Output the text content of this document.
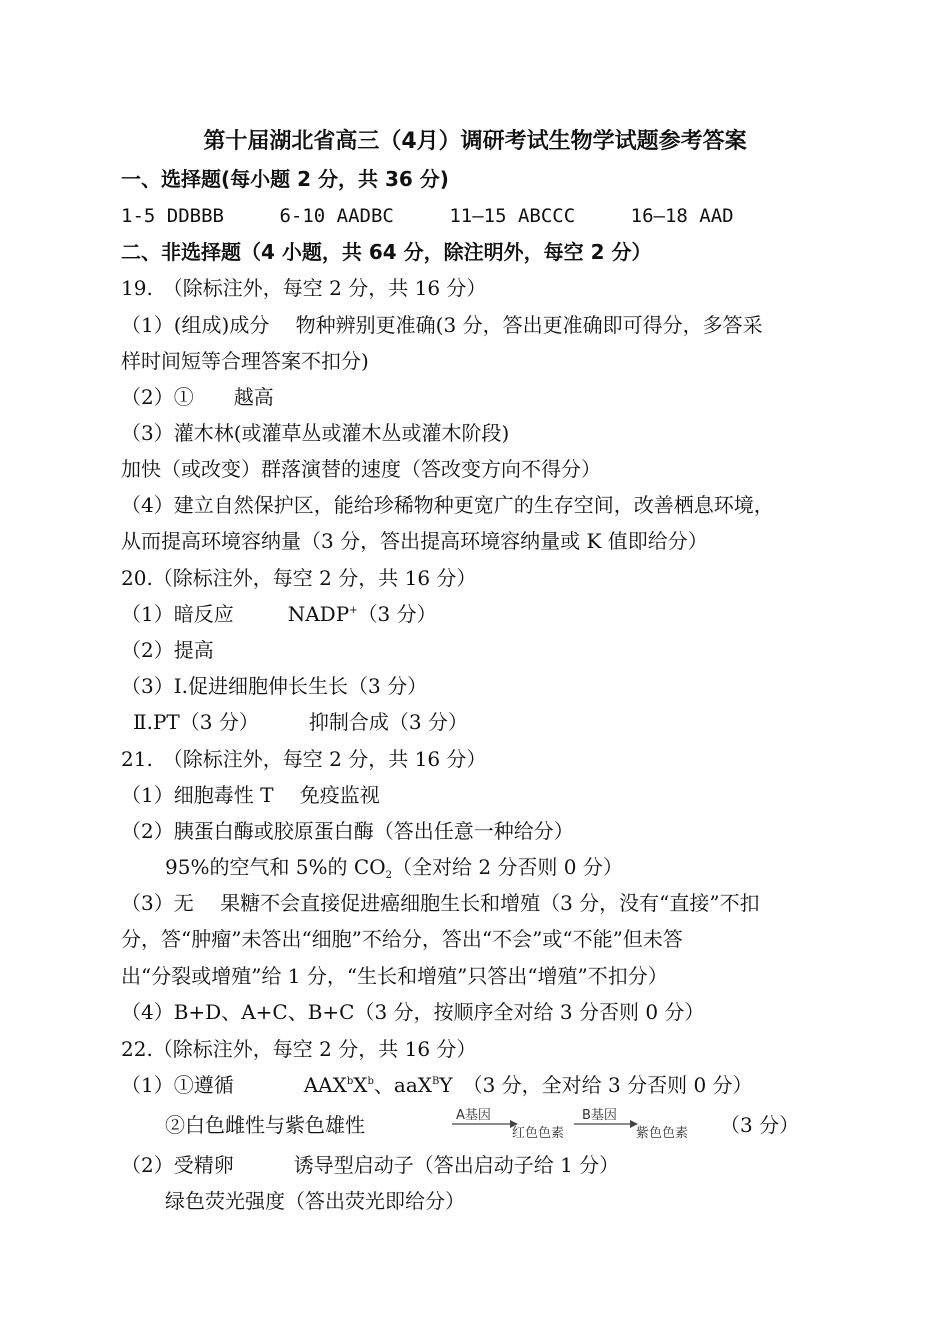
第十届湖北省高三（4月）调研考试生物学试题参考答案
一、选择题(每小题 2 分，共 36 分)
1-5 DDBBB	6-10 AADBC	11—15 ABCCC	16—18 AAD
二、非选择题（4 小题，共 64 分，除注明外，每空 2 分）
19.　（除标注外，每空 2 分，共 16 分）
（1）(组成)成分　 物种辨别更准确(3 分，答出更准确即可得分，多答采
样时间短等合理答案不扣分)
（2）①　　越高
（3）灌木林(或灌草丛或灌木丛或灌木阶段)
加快（或改变）群落演替的速度（答改变方向不得分）
（4）建立自然保护区，能给珍稀物种更宽广的生存空间，改善栖息环境，
从而提高环境容纳量（3 分，答出提高环境容纳量或 K 值即给分）
20.（除标注外，每空 2 分，共 16 分）
（1）暗反应	NADP+（3 分）
（2）提高
（3）Ⅰ.促进细胞伸长生长（3 分）
Ⅱ.PT（3 分）　　　抑制合成（3 分）
21.　（除标注外，每空 2 分，共 16 分）
（1）细胞毒性 T　 免疫监视
（2）胰蛋白酶或胶原蛋白酶（答出任意一种给分）
95%的空气和 5%的 $CO_2$（全对给 2 分否则 0 分）
（3）无　 果糖不会直接促进癌细胞生长和增殖（3 分，没有“直接”不扣
分，答“肿瘤”未答出“细胞”不给分，答出“不会”或“不能”但未答
出“分裂或增殖”给 1 分，“生长和增殖”只答出“增殖”不扣分）
（4）B+D、A+C、B+C（3 分，按顺序全对给 3 分否则 0 分）
22.（除标注外，每空 2 分，共 16 分）
（1）①遵循	$AAX^bX^b$、aaX$^B$Y （3 分，全对给 3 分否则 0 分）
②白色雌性与紫色雄性	A基因
红色色素
B基因
紫色色素 （3 分）
（2）受精卵　　　诱导型启动子（答出启动子给 1 分）
绿色荧光强度（答出荧光即给分）
